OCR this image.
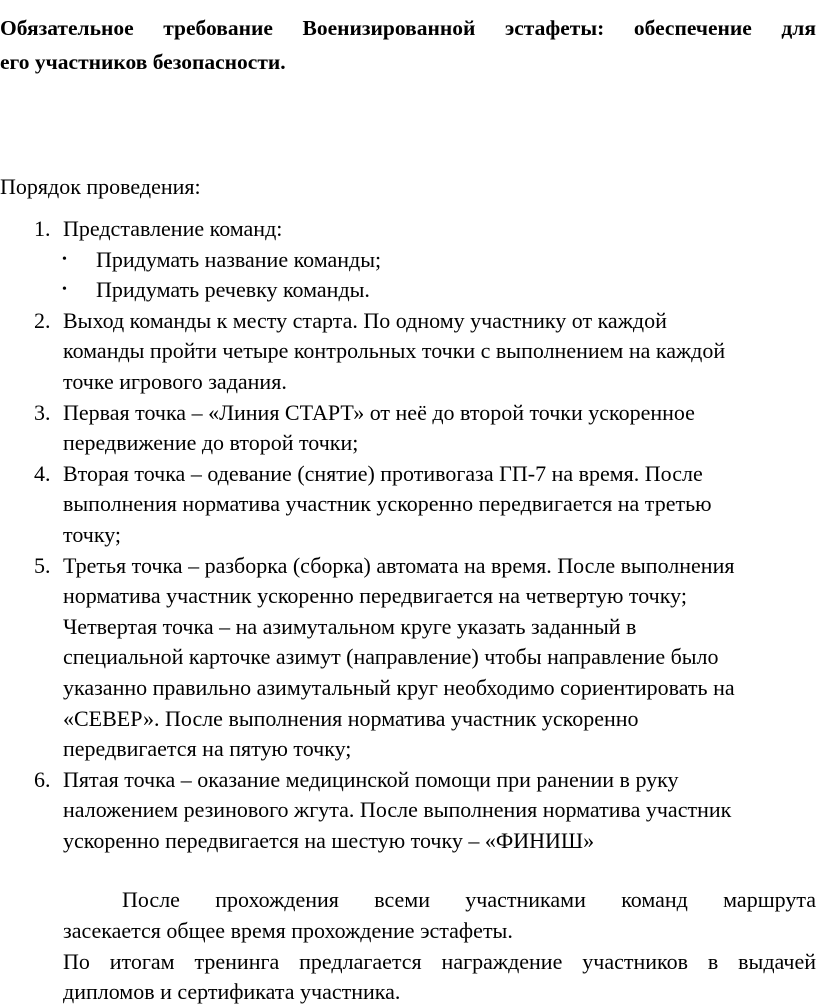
Обязательное требование Военизированной эстафеты: обеспечение для
его участников безопасности.
Порядок проведения:
1. Представление команд:
• Придумать название команды;
• Придумать речевку команды.
2. Выход команды к месту старта. По одному участнику от каждой
команды пройти четыре контрольных точки с выполнением на каждой
точке игрового задания.
3. Первая точка – «Линия СТАРТ» от неё до второй точки ускоренное
передвижение до второй точки;
4. Вторая точка – одевание (снятие) противогаза ГП-7 на время. После
выполнения норматива участник ускоренно передвигается на третью
точку;
5. Третья точка – разборка (сборка) автомата на время. После выполнения
норматива участник ускоренно передвигается на четвертую точку;
Четвертая точка – на азимутальном круге указать заданный в
специальной карточке азимут (направление) чтобы направление было
указанно правильно азимутальный круг необходимо сориентировать на
«СЕВЕР». После выполнения норматива участник ускоренно
передвигается на пятую точку;
6. Пятая точка – оказание медицинской помощи при ранении в руку
наложением резинового жгута. После выполнения норматива участник
ускоренно передвигается на шестую точку – «ФИНИШ»
После прохождения всеми участниками команд маршрута
засекается общее время прохождение эстафеты.
По итогам тренинга предлагается награждение участников в выдачей
дипломов и сертификата участника.
